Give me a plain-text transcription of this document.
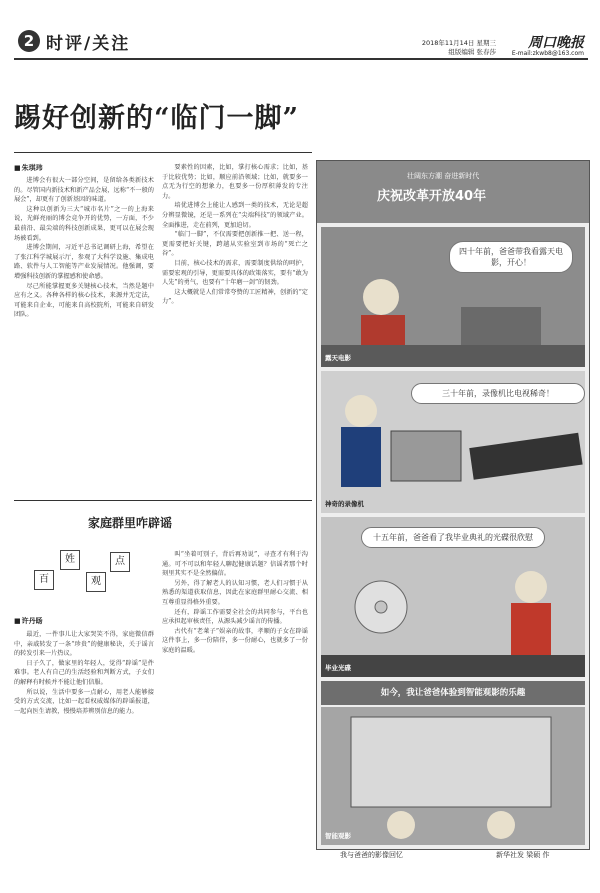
2 时评/关注	2018年11月14日 星期三
组版编辑 张春莎
周口晚报
E-mail:zkwb8@163.com
踢好创新的“临门一脚”
■ 朱琪玮

进博会有很大一部分空间，是留给各类新技术的。尽管国内新技术和新产品会展，远称“不一般的展会”，却更有了创新基因的味道。

这种以创新为三大“城市名片”之一的上海来说，光鲜亮丽的博会竞争开的优势，一方面，不少最前沿、最尖端的科技创新成果，更可以在展会现场被看到。

进博会期间，习近平总书记调研上海，希望在了张江科学城展示厅，参观了大科学设施、集成电路、软件与人工智能等产业发展情况。他强调，要增强科技创新的掌握感和使命感。

尽己所能掌握更多关键核心技术，当然是题中应有之义。各种各样的核心技术，来源并无定法，可能来自企业，可能来自高校院所，可能来自研发团队。

要素性的因素，比如，掌打核心需求；比如，基于比较优势；比如，顺应前沿领域；比如，就要多一点无为行空的想象力，也要多一份厚积薄发的专注力。

培优进博会上能让人感到一类的技术，无论是超分辨显微镜，还是一系列在“尖端科技”的领域产业。全面推进，走在前列，更加迫切。

“临门一脚”，不仅需要把创新推一把、送一程，更需要把好关键，跨越从实验室到市场的“死亡之谷”。

目前，核心技术的需求，需要制度供给的呵护，需要宏观的引导，更需要具体的政策落实，要有“敢为人先”的勇气，也要有“十年磨一剑”的韧劲。

这大概就是人们常常夸赞的工匠精神，创新的“定力”。

家庭群里咋辟谣
百
姓
观
点
■ 许丹旸

最近，一件事儿让大家哭笑不得，家庭微信群中，亲戚转发了一条“珍贵”的健康秘诀，关于谣言的转发引来一片热议。

日子久了，做家里的年轻人，觉得“辟谣”是件难事。老人有自己的生活经验和判断方式，子女们的解释有时候并不能让他们信服。

所以说，生活中要多一点耐心，用老人能够接受的方式交流，比如一起看权威媒体的辟谣报道，一起向医生请教，慢慢培养辨别信息的能力。

叫“坐着可别子，背后再劝说”，寻查才有利于沟通。可不可以和年轻人聊起健康话题？信谣者那个时刻里其实不是全然偏信。

另外，得了解老人的认知习惯，老人们习惯于从熟悉的渠道获取信息，因此在家庭群里耐心交流、相互尊重显得格外重要。

还有，辟谣工作需要全社会的共同参与，平台也应承担起审核责任，从源头减少谣言的传播。

古代有“老莱子”娱亲的故事，孝顺的子女在辟谣这件事上，多一份陪伴，多一份耐心，也就多了一份家庭的温暖。

壮阔东方潮 奋进新时代
庆祝改革开放40年
四十年前，爸爸带我看露天电影，开心！
露天电影
三十年前，录像机比电视稀奇！
神奇的录像机
十五年前，爸爸看了我毕业典礼的光碟很欣慰
毕业光碟
如今，我让爸爸体验到智能观影的乐趣
智能观影
我与爸爸的影像回忆	新华社发 梁硕 作
